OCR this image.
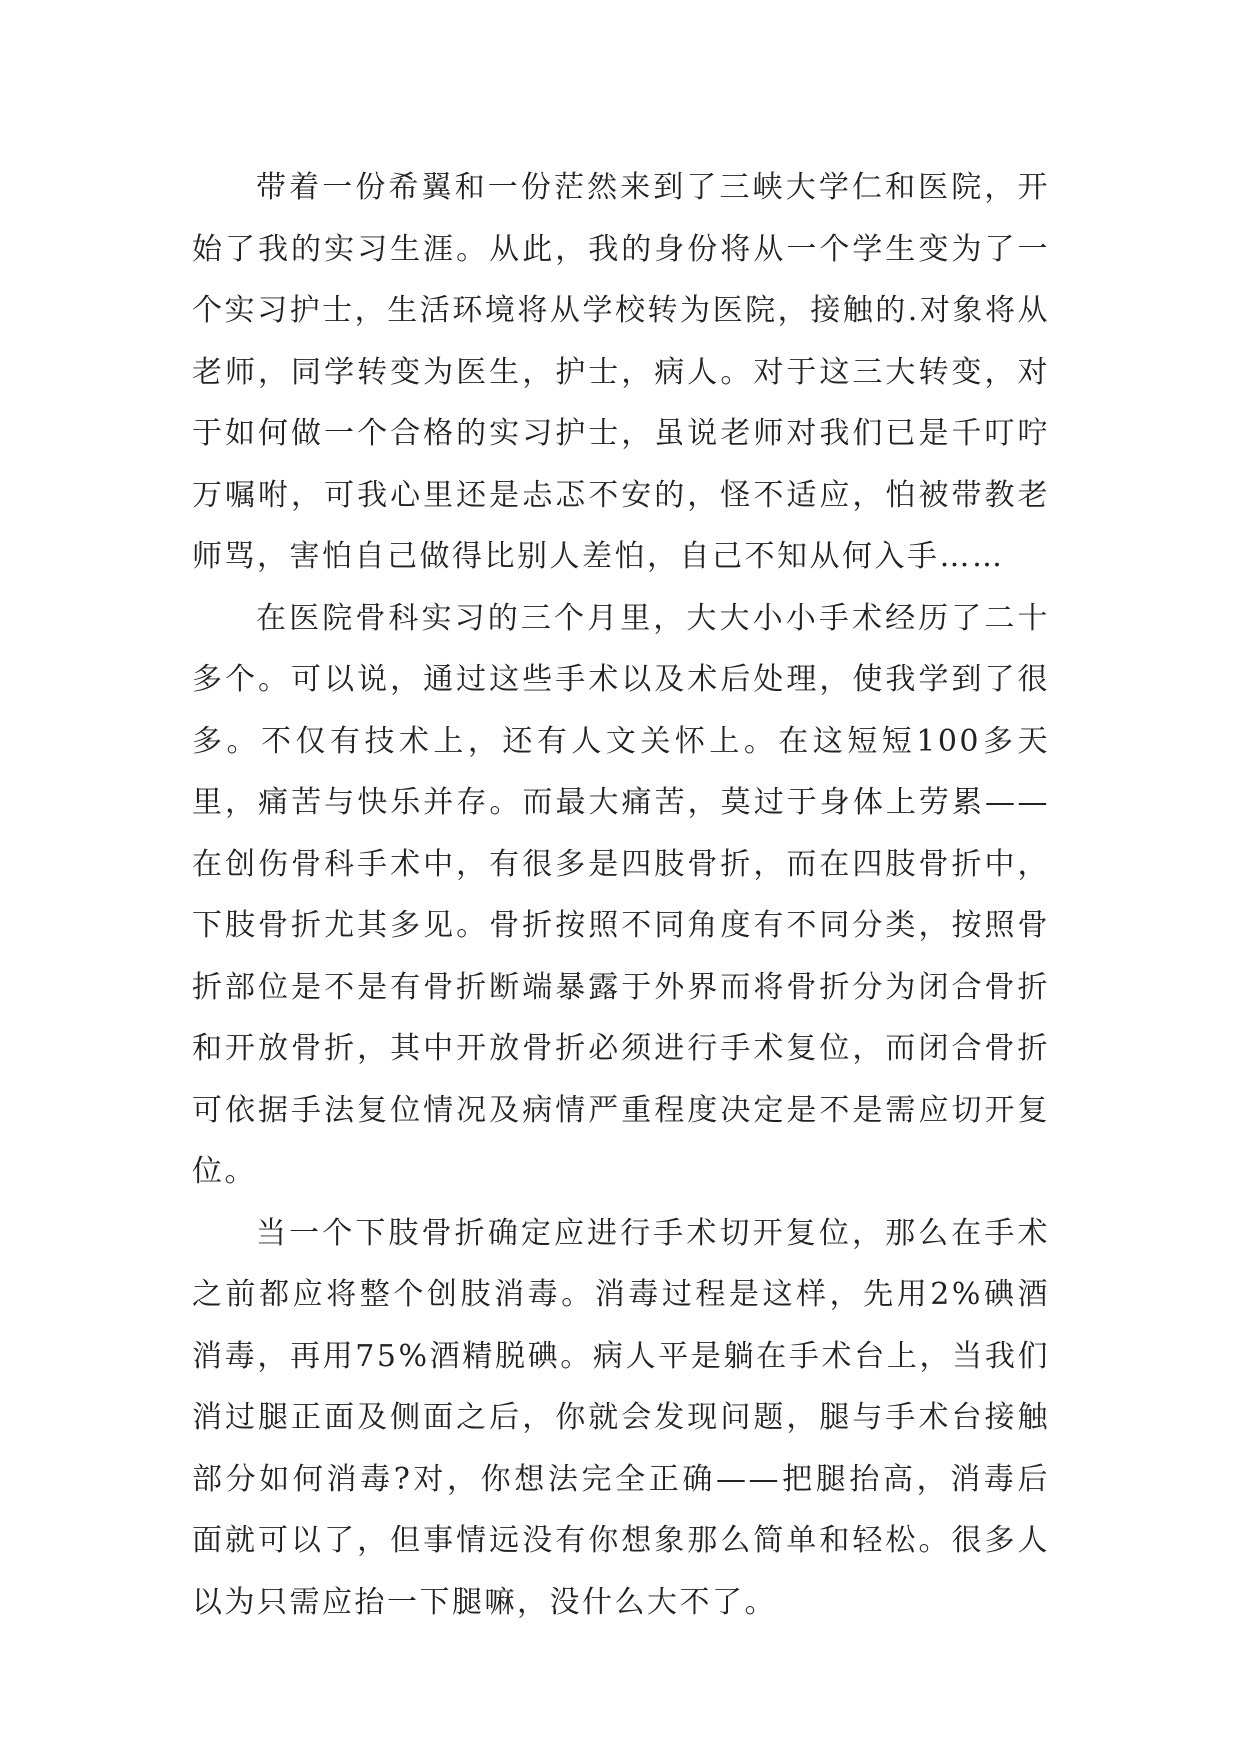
带着一份希翼和一份茫然来到了三峡大学仁和医院，开始了我的实习生涯。从此，我的身份将从一个学生变为了一个实习护士，生活环境将从学校转为医院，接触的.对象将从老师，同学转变为医生，护士，病人。对于这三大转变，对于如何做一个合格的实习护士，虽说老师对我们已是千叮咛万嘱咐，可我心里还是忐忑不安的，怪不适应，怕被带教老师骂，害怕自己做得比别人差怕，自己不知从何入手……

在医院骨科实习的三个月里，大大小小手术经历了二十多个。可以说，通过这些手术以及术后处理，使我学到了很多。不仅有技术上，还有人文关怀上。在这短短100多天里，痛苦与快乐并存。而最大痛苦，莫过于身体上劳累——在创伤骨科手术中，有很多是四肢骨折，而在四肢骨折中，下肢骨折尤其多见。骨折按照不同角度有不同分类，按照骨折部位是不是有骨折断端暴露于外界而将骨折分为闭合骨折和开放骨折，其中开放骨折必须进行手术复位，而闭合骨折可依据手法复位情况及病情严重程度决定是不是需应切开复位。

当一个下肢骨折确定应进行手术切开复位，那么在手术之前都应将整个创肢消毒。消毒过程是这样，先用2%碘酒消毒，再用75%酒精脱碘。病人平是躺在手术台上，当我们消过腿正面及侧面之后，你就会发现问题，腿与手术台接触部分如何消毒?对，你想法完全正确——把腿抬高，消毒后面就可以了，但事情远没有你想象那么简单和轻松。很多人以为只需应抬一下腿嘛，没什么大不了。
